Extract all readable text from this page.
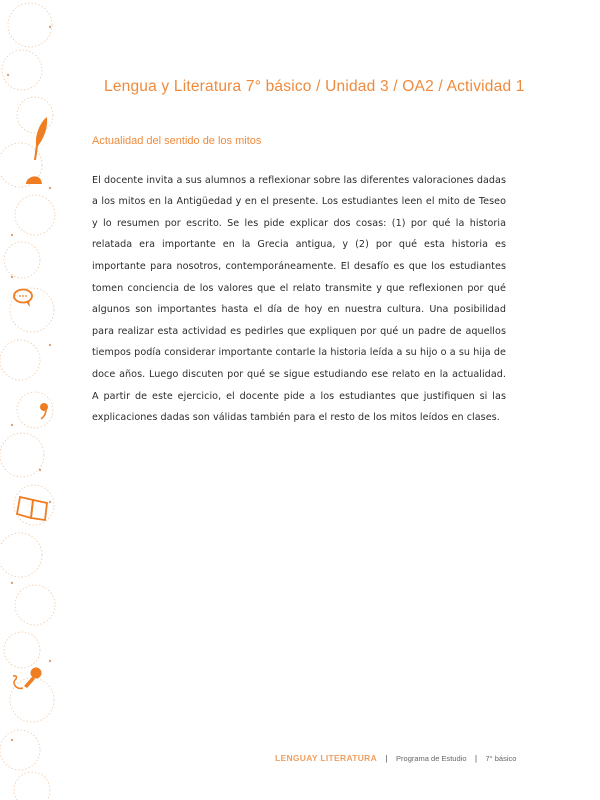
Lengua y Literatura 7° básico / Unidad 3 / OA2 / Actividad 1
Actualidad del sentido de los mitos

El docente invita a sus alumnos a reflexionar sobre las diferentes valoraciones dadas a los mitos en la Antigüedad y en el presente. Los estudiantes leen el mito de Teseo y lo resumen por escrito. Se les pide explicar dos cosas: (1) por qué la historia relatada era importante en la Grecia antigua, y (2) por qué esta historia es importante para nosotros, contemporáneamente. El desafío es que los estudiantes tomen conciencia de los valores que el relato transmite y que reflexionen por qué algunos son importantes hasta el día de hoy en nuestra cultura. Una posibilidad para realizar esta actividad es pedirles que expliquen por qué un padre de aquellos tiempos podía considerar importante contarle la historia leída a su hijo o a su hija de doce años. Luego discuten por qué se sigue estudiando ese relato en la actualidad. A partir de este ejercicio, el docente pide a los estudiantes que justifiquen si las explicaciones dadas son válidas también para el resto de los mitos leídos en clases.

LENGUAY LITERATURA | Programa de Estudio | 7° básico
